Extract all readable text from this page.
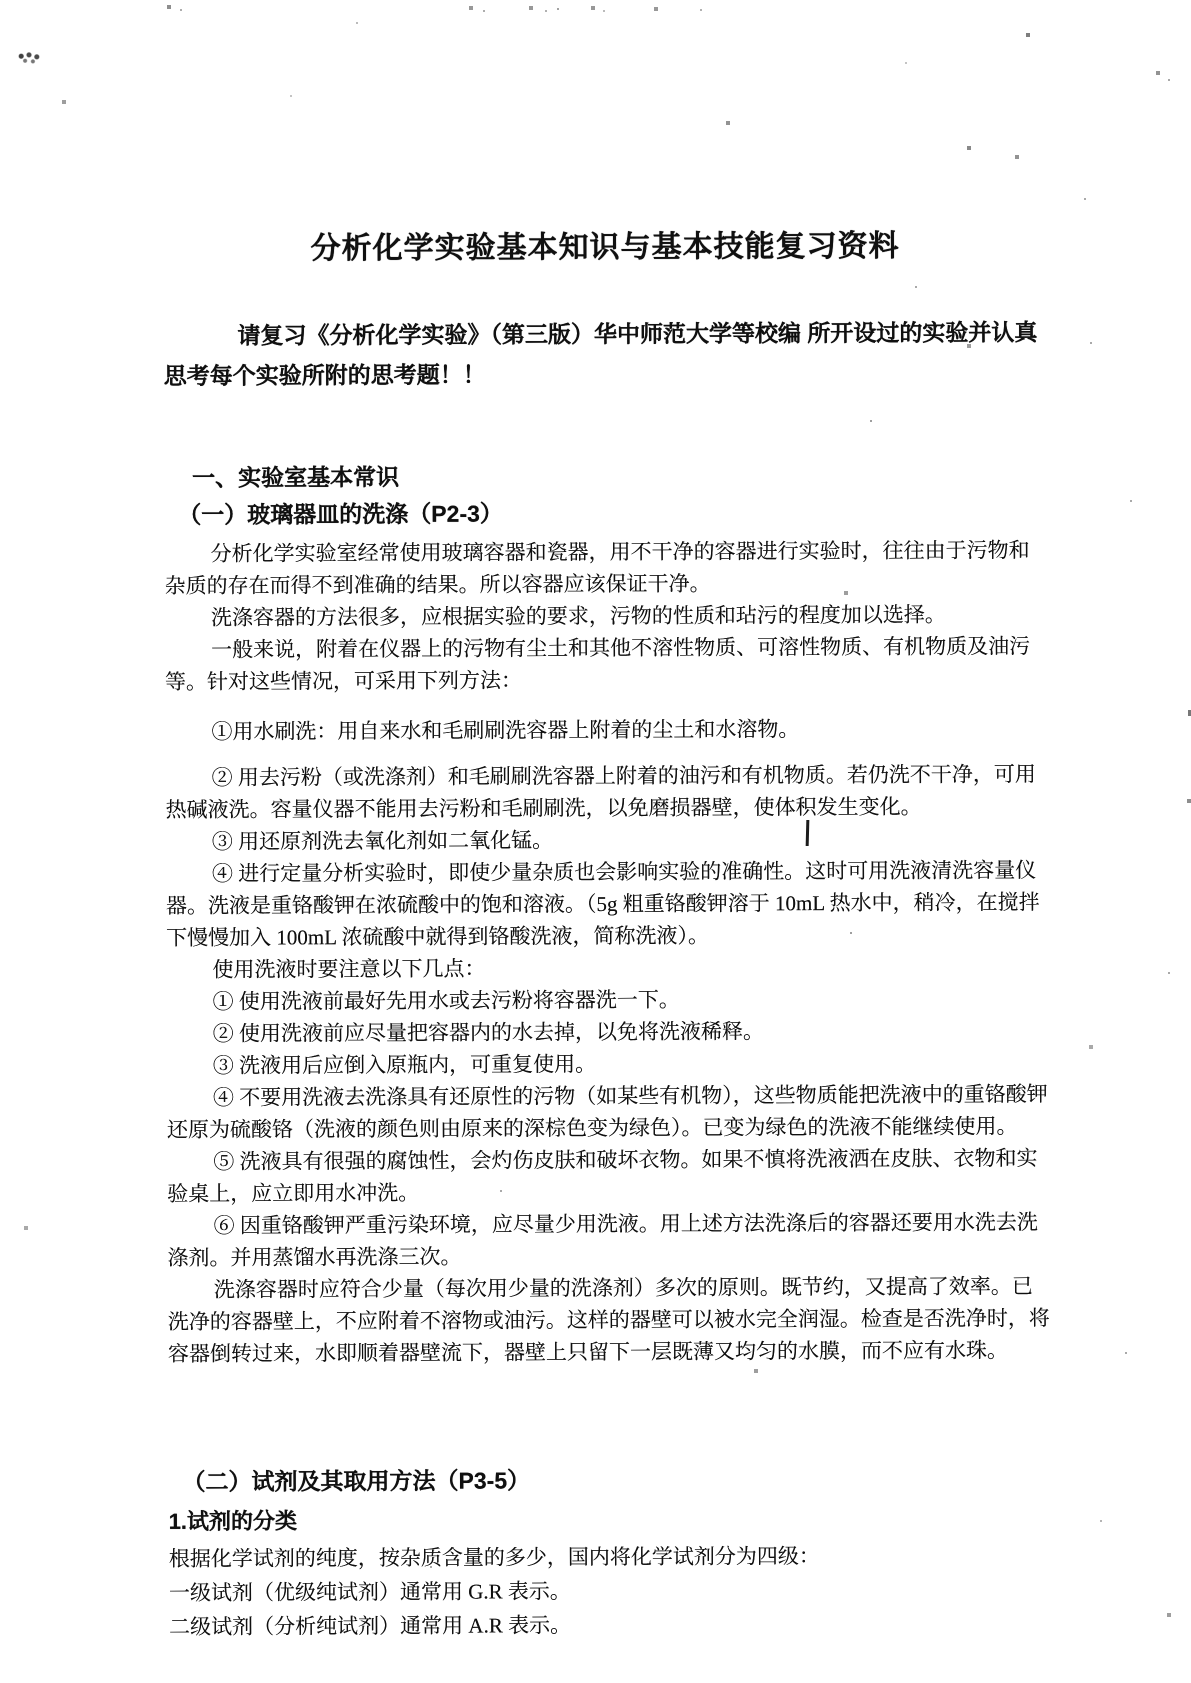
分析化学实验基本知识与基本技能复习资料

请复习《分析化学实验》（第三版）华中师范大学等校编 所开设过的实验并认真思考每个实验所附的思考题！！

一、实验室基本常识
（一）玻璃器皿的洗涤（P2-3）

分析化学实验室经常使用玻璃容器和瓷器，用不干净的容器进行实验时，往往由于污物和杂质的存在而得不到准确的结果。所以容器应该保证干净。

洗涤容器的方法很多，应根据实验的要求，污物的性质和玷污的程度加以选择。

一般来说，附着在仪器上的污物有尘土和其他不溶性物质、可溶性物质、有机物质及油污等。针对这些情况，可采用下列方法：

①用水刷洗：用自来水和毛刷刷洗容器上附着的尘土和水溶物。

② 用去污粉（或洗涤剂）和毛刷刷洗容器上附着的油污和有机物质。若仍洗不干净，可用热碱液洗。容量仪器不能用去污粉和毛刷刷洗，以免磨损器壁，使体积发生变化。

③ 用还原剂洗去氧化剂如二氧化锰。

④ 进行定量分析实验时，即使少量杂质也会影响实验的准确性。这时可用洗液清洗容量仪器。洗液是重铬酸钾在浓硫酸中的饱和溶液。（5g 粗重铬酸钾溶于 10mL 热水中，稍冷，在搅拌下慢慢加入 100mL 浓硫酸中就得到铬酸洗液，简称洗液）。

使用洗液时要注意以下几点：

① 使用洗液前最好先用水或去污粉将容器洗一下。

② 使用洗液前应尽量把容器内的水去掉，以免将洗液稀释。

③ 洗液用后应倒入原瓶内，可重复使用。

④ 不要用洗液去洗涤具有还原性的污物（如某些有机物），这些物质能把洗液中的重铬酸钾还原为硫酸铬（洗液的颜色则由原来的深棕色变为绿色）。已变为绿色的洗液不能继续使用。

⑤ 洗液具有很强的腐蚀性，会灼伤皮肤和破坏衣物。如果不慎将洗液洒在皮肤、衣物和实验桌上，应立即用水冲洗。

⑥ 因重铬酸钾严重污染环境，应尽量少用洗液。用上述方法洗涤后的容器还要用水洗去洗涤剂。并用蒸馏水再洗涤三次。

洗涤容器时应符合少量（每次用少量的洗涤剂）多次的原则。既节约，又提高了效率。已洗净的容器壁上，不应附着不溶物或油污。这样的器壁可以被水完全润湿。检查是否洗净时，将容器倒转过来，水即顺着器壁流下，器壁上只留下一层既薄又均匀的水膜，而不应有水珠。

（二）试剂及其取用方法（P3-5）
1.试剂的分类

根据化学试剂的纯度，按杂质含量的多少，国内将化学试剂分为四级：

一级试剂（优级纯试剂）通常用 G.R 表示。

二级试剂（分析纯试剂）通常用 A.R 表示。
